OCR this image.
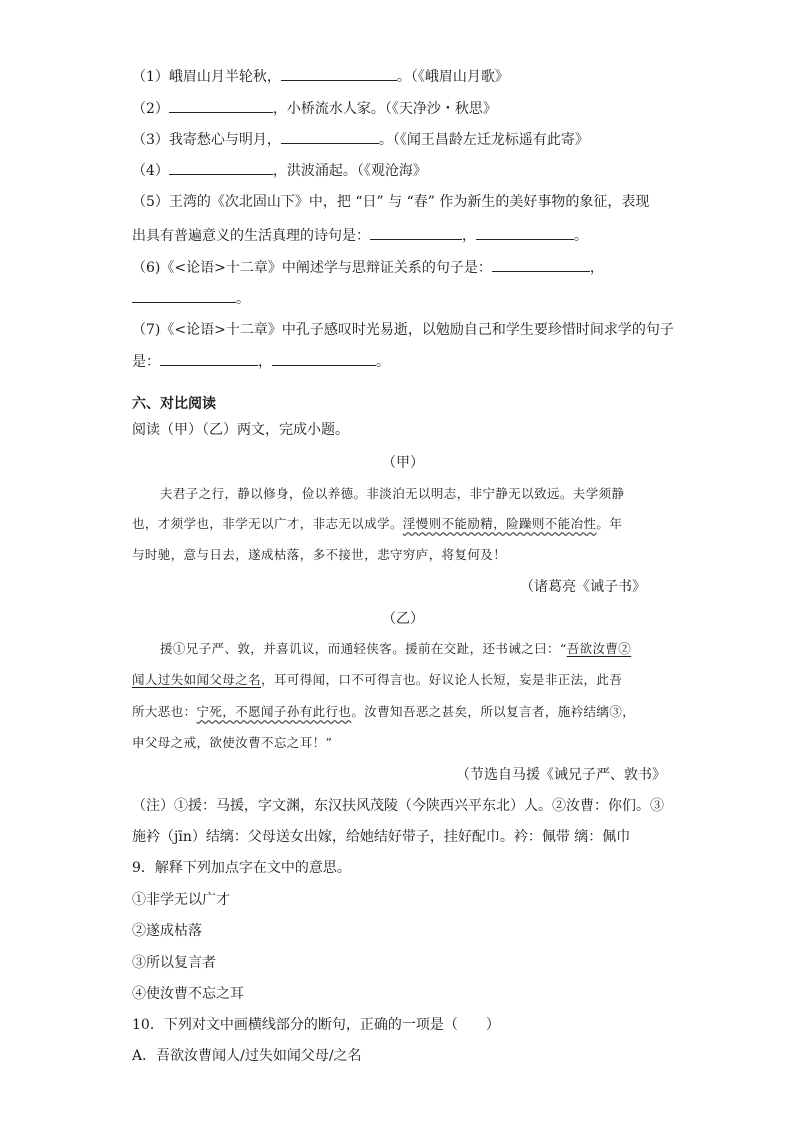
（1）峨眉山月半轮秋，	。（《峨眉山月歌》
（2）	，小桥流水人家。（《天净沙・秋思》
（3）我寄愁心与明月，	。（《闻王昌龄左迁龙标遥有此寄》
（4）	，洪波涌起。（《观沧海》
（5）王湾的《次北固山下》中，把 “日” 与 “春” 作为新生的美好事物的象征，表现
出具有普遍意义的生活真理的诗句是：	，	。
（6)《<论语>十二章》中阐述学与思辩证关系的句子是：	，
。
（7)《<论语>十二章》中孔子感叹时光易逝，以勉励自己和学生要珍惜时间求学的句子
是：	，	。
六、对比阅读
阅读（甲）（乙）两文，完成小题。
（甲）
夫君子之行，静以修身，俭以养德。非淡泊无以明志，非宁静无以致远。夫学须静
也，才须学也，非学无以广才，非志无以成学。淫慢则不能励精，险躁则不能冶性。年
与时驰，意与日去，遂成枯落，多不接世，悲守穷庐，将复何及！
（诸葛亮《诫子书》
（乙）
援①兄子严、敦，并喜讥议，而通轻侠客。援前在交趾，还书诫之曰：“吾欲汝曹②
闻人过失如闻父母之名，耳可得闻，口不可得言也。好议论人长短，妄是非正法，此吾
所大恶也：宁死，不愿闻子孙有此行也。汝曹知吾恶之甚矣，所以复言者，施衿结缡③，
申父母之戒，欲使汝曹不忘之耳！”
（节选自马援《诫兄子严、敦书》
（注）①援：马援，字文渊，东汉扶风茂陵（今陕西兴平东北）人。②汝曹：你们。③
施衿（jīn）结缡：父母送女出嫁，给她结好带子，挂好配巾。衿：佩带 缡：佩巾
9．解释下列加点字在文中的意思。
①非学无以广才
②遂成枯落
③所以复言者
④使汝曹不忘之耳
10．下列对文中画横线部分的断句，正确的一项是（　　）
A．吾欲汝曹闻人/过失如闻父母/之名
